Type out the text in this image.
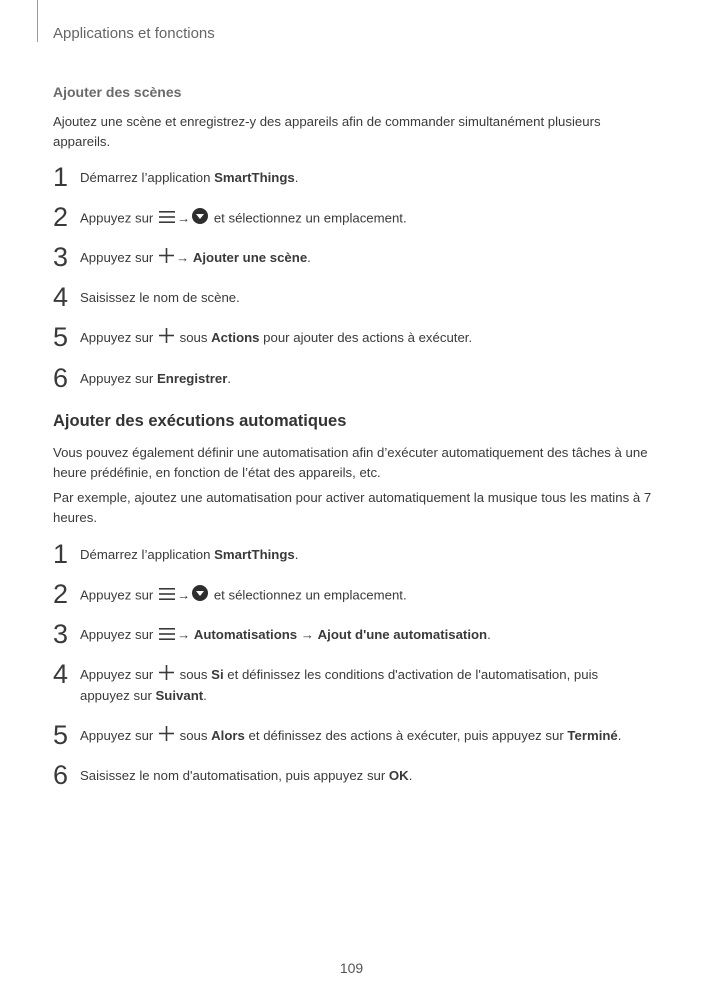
Applications et fonctions
Ajouter des scènes
Ajoutez une scène et enregistrez-y des appareils afin de commander simultanément plusieurs appareils.
1 Démarrez l’application SmartThings.
2 Appuyez sur → et sélectionnez un emplacement.
3 Appuyez sur → Ajouter une scène.
4 Saisissez le nom de scène.
5 Appuyez sur  sous Actions pour ajouter des actions à exécuter.
6 Appuyez sur Enregistrer.
Ajouter des exécutions automatiques
Vous pouvez également définir une automatisation afin d’exécuter automatiquement des tâches à une heure prédéfinie, en fonction de l’état des appareils, etc.
Par exemple, ajoutez une automatisation pour activer automatiquement la musique tous les matins à 7 heures.
1 Démarrez l’application SmartThings.
2 Appuyez sur → et sélectionnez un emplacement.
3 Appuyez sur → Automatisations → Ajout d'une automatisation.
4 Appuyez sur  sous Si et définissez les conditions d'activation de l'automatisation, puis appuyez sur Suivant.
5 Appuyez sur  sous Alors et définissez des actions à exécuter, puis appuyez sur Terminé.
6 Saisissez le nom d'automatisation, puis appuyez sur OK.
109
